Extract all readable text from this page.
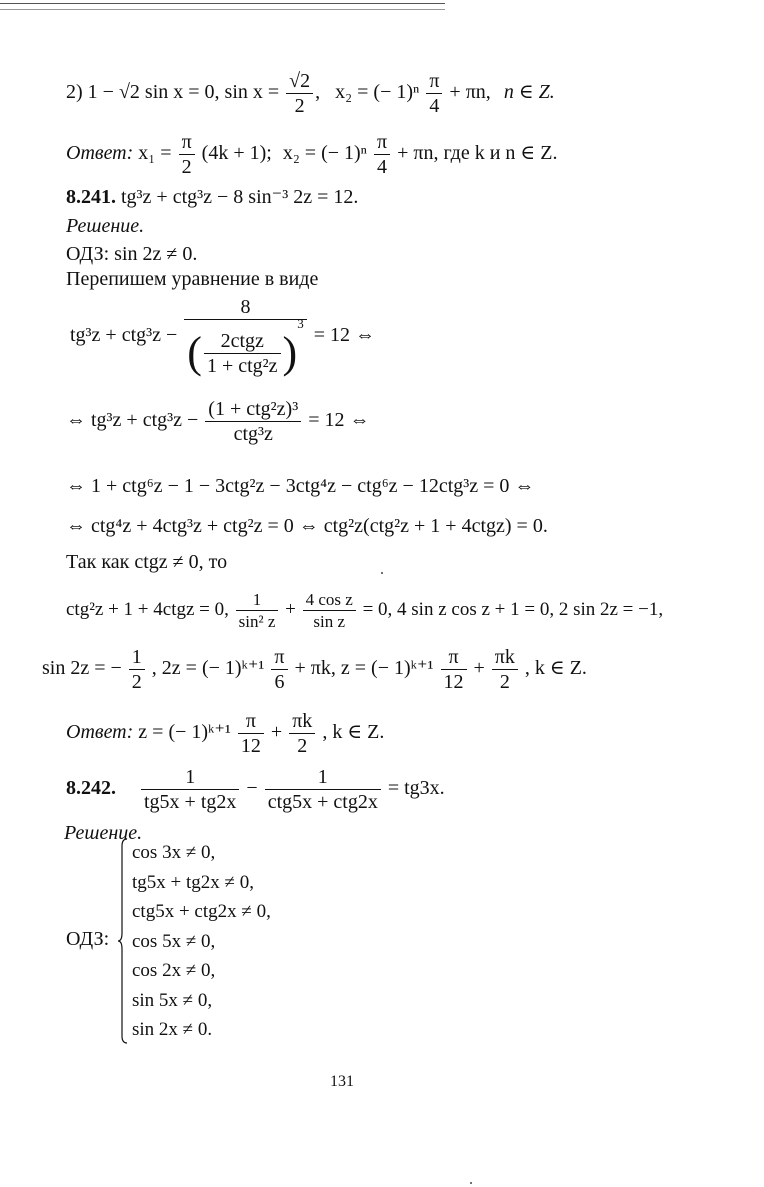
2) 1 − √2 sin x = 0, $\sin x = \frac{√2}{2}$ , x₂ = (− $1)^n \frac{\pi}{4} + \pi n$, n ∈ Z.
Ответ: $x_1 = \frac{\pi}{2} (4k + 1)$; x₂ = (− $1)^n \frac{\pi}{4} + \pi n$, где k и n ∈ Z.
8.241. tg³z + ctg³z − 8 sin⁻³ 2z = 12.
Решение.
ОДЗ: sin 2z ≠ 0.
Перепишем уравнение в виде
tg³z + ctg³z −
8
( 2ctgz
1 + ctg²z )$^3$
= 12 ⇔
⇔ tg³z + ctg³z −
(1 + ctg²z)³
ctg³z
= 12 ⇔
⇔ 1 + ctg⁶z − 1 − 3ctg²z − 3ctg⁴z − ctg⁶z − 12ctg³z = 0 ⇔
⇔ ctg⁴z + 4ctg³z + ctg²z = 0 ⇔ ctg²z(ctg²z + 1 + 4ctgz) = 0.
Так как ctgz ≠ 0, то
ctg²z + 1 + 4ctgz = 0, $\frac{1}{\text{sin² z}} + \frac{\text{4 cos z}}{\text{sin z}} = 0$, 4 sin z cos z + 1 = 0, 2 sin 2z = −1,
sin 2z = − $\frac{1}{2}$ , 2z = (− 1)ᵏ⁺¹ $\frac{\pi}{6} + \pi k$, z = (− 1)ᵏ⁺¹ $\frac{\pi}{12} + \frac{\pi k}{2}$ , k ∈ Z.
Ответ: z = (− 1)ᵏ⁺¹ $\frac{\pi}{12} + \frac{\pi k}{2}$ , k ∈ Z.
8.242. $\frac{1}{tg5x + tg2x}$ −
1
ctg5x + ctg2x
= tg3x.
Решение.
ОДЗ:
cos 3x ≠ 0,
tg5x + tg2x ≠ 0,
ctg5x + ctg2x ≠ 0,
cos 5x ≠ 0,
cos 2x ≠ 0,
sin 5x ≠ 0,
sin 2x ≠ 0.
131
